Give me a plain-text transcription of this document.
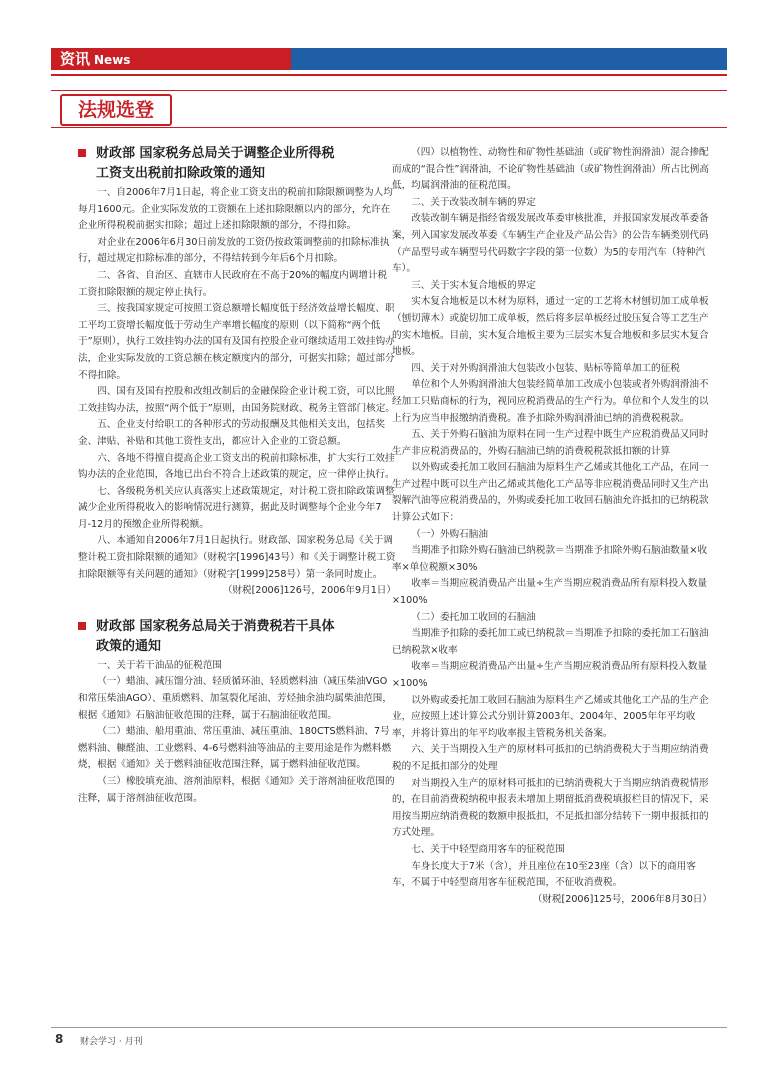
资讯 News
法规选登
财政部 国家税务总局关于调整企业所得税
工资支出税前扣除政策的通知

一、自2006年7月1日起，将企业工资支出的税前扣除限额调整为人均每月1600元。企业实际发放的工资额在上述扣除限额以内的部分，允许在企业所得税税前据实扣除；超过上述扣除限额的部分，不得扣除。

对企业在2006年6月30日前发放的工资仍按政策调整前的扣除标准执行，超过规定扣除标准的部分，不得结转到今年后6个月扣除。

二、各省、自治区、直辖市人民政府在不高于20%的幅度内调增计税工资扣除限额的规定停止执行。

三、按我国家规定可按照工资总额增长幅度低于经济效益增长幅度、职工平均工资增长幅度低于劳动生产率增长幅度的原则（以下简称“两个低于”原则），执行工效挂钩办法的国有及国有控股企业可继续适用工效挂钩办法，企业实际发放的工资总额在核定额度内的部分，可据实扣除；超过部分不得扣除。

四、国有及国有控股和改组改制后的金融保险企业计税工资，可以比照工效挂钩办法，按照“两个低于”原则，由国务院财政、税务主管部门核定。

五、企业支付给职工的各种形式的劳动报酬及其他相关支出，包括奖金、津贴、补贴和其他工资性支出，都应计入企业的工资总额。

六、各地不得擅自提高企业工资支出的税前扣除标准，扩大实行工效挂钩办法的企业范围，各地已出台不符合上述政策的规定，应一律停止执行。

七、各级税务机关应认真落实上述政策规定，对计税工资扣除政策调整减少企业所得税收入的影响情况进行测算，据此及时调整每个企业今年7月-12月的预缴企业所得税额。

八、本通知自2006年7月1日起执行。财政部、国家税务总局《关于调整计税工资扣除限额的通知》（财税字[1996]43号）和《关于调整计税工资扣除限额等有关问题的通知》（财税字[1999]258号）第一条同时废止。

（财税[2006]126号，2006年9月1日）

财政部 国家税务总局关于消费税若干具体
政策的通知

一、关于若干油品的征税范围

（一）蜡油、减压馏分油、轻质循环油、轻质燃料油（减压柴油VGO和常压柴油AGO）、重质燃料、加氢裂化尾油、芳烃抽余油均属柴油范围，根据《通知》石脑油征收范围的注释，属于石脑油征收范围。

（二）蜡油、船用重油、常压重油、减压重油、180CTS燃料油、7号燃料油、糠醛油、工业燃料、4-6号燃料油等油品的主要用途是作为燃料燃烧，根据《通知》关于燃料油征收范围注释，属于燃料油征收范围。

（三）橡胶填充油、溶剂油原料，根据《通知》关于溶剂油征收范围的注释，属于溶剂油征收范围。

（四）以植物性、动物性和矿物性基础油（或矿物性润滑油）混合掺配而成的“混合性”润滑油，不论矿物性基础油（或矿物性润滑油）所占比例高低，均属润滑油的征税范围。

二、关于改装改制车辆的界定

改装改制车辆是指经省级发展改革委审核批准，并报国家发展改革委备案，列入国家发展改革委《车辆生产企业及产品公告》的公告车辆类别代码（产品型号或车辆型号代码数字字段的第一位数）为5的专用汽车（特种汽车）。

三、关于实木复合地板的界定

实木复合地板是以木材为原料，通过一定的工艺将木材刨切加工成单板（刨切薄木）或旋切加工成单板，然后将多层单板经过胶压复合等工艺生产的实木地板。目前，实木复合地板主要为三层实木复合地板和多层实木复合地板。

四、关于对外购润滑油大包装改小包装、贴标等简单加工的征税

单位和个人外购润滑油大包装经简单加工改成小包装或者外购润滑油不经加工只贴商标的行为，视同应税消费品的生产行为。单位和个人发生的以上行为应当申报缴纳消费税。准予扣除外购润滑油已纳的消费税税款。

五、关于外购石脑油为原料在同一生产过程中既生产应税消费品又同时生产非应税消费品的，外购石脑油已纳的消费税税款抵扣额的计算

以外购或委托加工收回石脑油为原料生产乙烯或其他化工产品，在同一生产过程中既可以生产出乙烯或其他化工产品等非应税消费品同时又生产出裂解汽油等应税消费品的，外购或委托加工收回石脑油允许抵扣的已纳税款计算公式如下：

（一）外购石脑油

当期准予扣除外购石脑油已纳税款＝当期准予扣除外购石脑油数量×收率×单位税额×30%

收率＝当期应税消费品产出量÷生产当期应税消费品所有原料投入数量×100%

（二）委托加工收回的石脑油

当期准予扣除的委托加工或已纳税款＝当期准予扣除的委托加工石脑油已纳税款×收率

收率＝当期应税消费品产出量÷生产当期应税消费品所有原料投入数量×100%

以外购或委托加工收回石脑油为原料生产乙烯或其他化工产品的生产企业，应按照上述计算公式分别计算2003年、2004年、2005年年平均收率，并将计算出的年平均收率报主管税务机关备案。

六、关于当期投入生产的原材料可抵扣的已纳消费税大于当期应纳消费税的不足抵扣部分的处理

对当期投入生产的原材料可抵扣的已纳消费税大于当期应纳消费税情形的，在目前消费税纳税申报表未增加上期留抵消费税填报栏目的情况下，采用按当期应纳消费税的数额申报抵扣，不足抵扣部分结转下一期申报抵扣的方式处理。

七、关于中轻型商用客车的征税范围

车身长度大于7米（含），并且座位在10至23座（含）以下的商用客车，不属于中轻型商用客车征税范围，不征收消费税。

（财税[2006]125号，2006年8月30日）

8 财会学习 · 月刊
